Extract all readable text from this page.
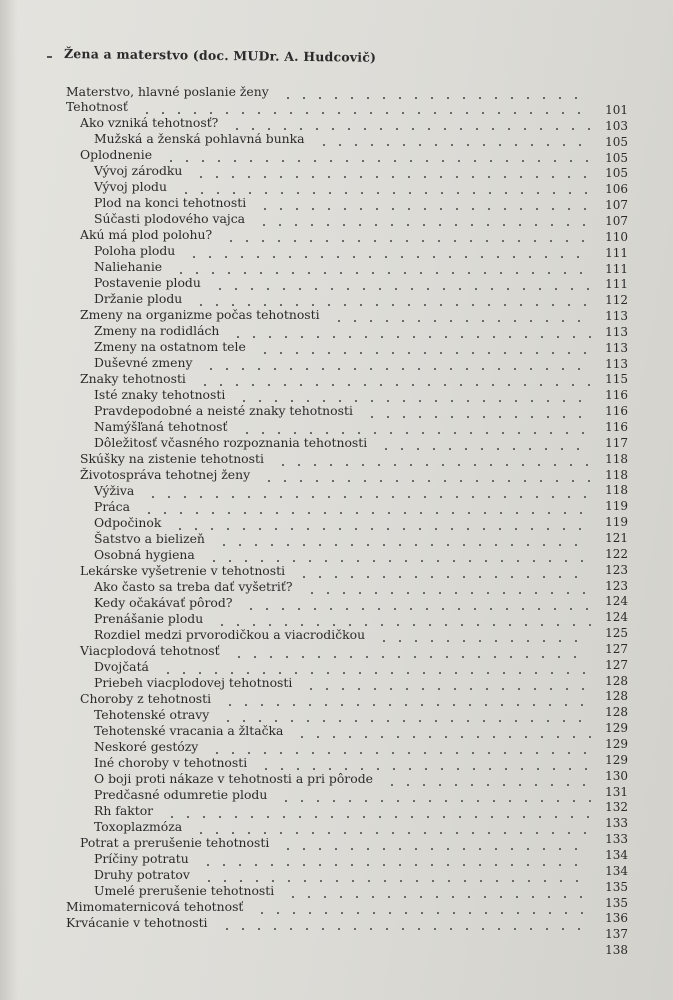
Žena a materstvo (doc. MUDr. A. Hudcovič)
Materstvo, hlavné poslanie ženy
Tehotnosť
Ako vzniká tehotnosť?
Mužská a ženská pohlavná bunka
Oplodnenie
Vývoj zárodku
Vývoj plodu
Plod na konci tehotnosti
Súčasti plodového vajca
Akú má plod polohu?
Poloha plodu
Naliehanie
Postavenie plodu
Držanie plodu
Zmeny na organizme počas tehotnosti
Zmeny na rodidlách
Zmeny na ostatnom tele
Duševné zmeny
Znaky tehotnosti
Isté znaky tehotnosti
Pravdepodobné a neisté znaky tehotnosti
Namýšľaná tehotnosť
Dôležitosť včasného rozpoznania tehotnosti
Skúšky na zistenie tehotnosti
Životospráva tehotnej ženy
Výživa
Práca
Odpočinok
Šatstvo a bielizeň
Osobná hygiena
Lekárske vyšetrenie v tehotnosti
Ako často sa treba dať vyšetriť?
Kedy očakávať pôrod?
Prenášanie plodu
Rozdiel medzi prvorodičkou a viacrodičkou
Viacplodová tehotnosť
Dvojčatá
Priebeh viacplodovej tehotnosti
Choroby z tehotnosti
Tehotenské otravy
Tehotenské vracania a žltačka
Neskoré gestózy
Iné choroby v tehotnosti
O boji proti nákaze v tehotnosti a pri pôrode
Predčasné odumretie plodu
Rh faktor
Toxoplazmóza
Potrat a prerušenie tehotnosti
Príčiny potratu
Druhy potratov
Umelé prerušenie tehotnosti
Mimomaternicová tehotnosť
Krvácanie v tehotnosti
101
103
105
105
105
106
107
107
110
111
111
111
112
113
113
113
113
115
116
116
116
117
118
118
118
119
119
121
122
123
123
124
124
125
127
127
128
128
128
129
129
129
130
131
132
133
133
134
134
135
135
136
137
138
